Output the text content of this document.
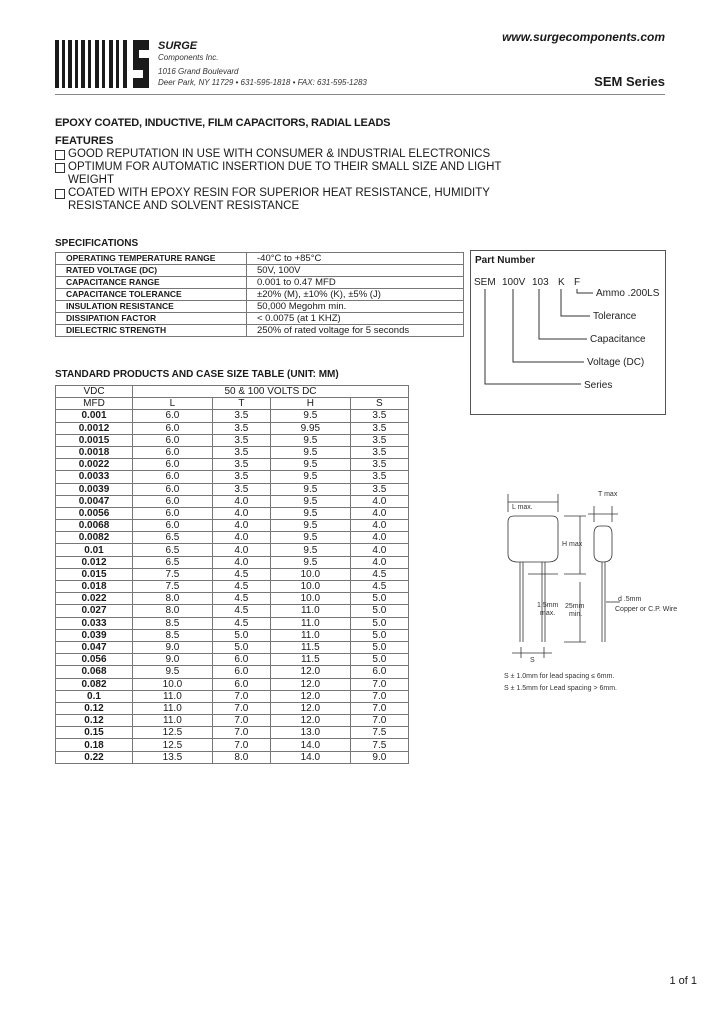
SURGE
Components Inc.
1016 Grand Boulevard
Deer Park, NY 11729 • 631-595-1818 • FAX: 631-595-1283
www.surgecomponents.com
SEM Series
EPOXY COATED, INDUCTIVE, FILM CAPACITORS, RADIAL LEADS
FEATURES
GOOD REPUTATION IN USE WITH CONSUMER & INDUSTRIAL ELECTRONICS
OPTIMUM FOR AUTOMATIC INSERTION DUE TO THEIR SMALL SIZE AND LIGHT WEIGHT
COATED WITH EPOXY RESIN FOR SUPERIOR HEAT RESISTANCE, HUMIDITY
RESISTANCE AND SOLVENT RESISTANCE
SPECIFICATIONS
OPERATING TEMPERATURE RANGE	-40°C to +85°C
RATED VOLTAGE (DC)	50V, 100V
CAPACITANCE RANGE	0.001 to 0.47 MFD
CAPACITANCE TOLERANCE	±20% (M), ±10% (K), ±5% (J)
INSULATION RESISTANCE	50,000 Megohm min.
DISSIPATION FACTOR	< 0.0075 (at 1 KHZ)
DIELECTRIC STRENGTH	250% of rated voltage for 5 seconds
Part Number
SEM 100V 103 K F
Ammo .200LS
Tolerance
Capacitance
Voltage (DC)
Series
STANDARD PRODUCTS AND CASE SIZE TABLE (UNIT: MM)
VDC	50 & 100 VOLTS DC			
MFD	L	T	H	S
0.001	6.0	3.5	9.5	3.5
0.0012	6.0	3.5	9.95	3.5
0.0015	6.0	3.5	9.5	3.5
0.0018	6.0	3.5	9.5	3.5
0.0022	6.0	3.5	9.5	3.5
0.0033	6.0	3.5	9.5	3.5
0.0039	6.0	3.5	9.5	3.5
0.0047	6.0	4.0	9.5	4.0
0.0056	6.0	4.0	9.5	4.0
0.0068	6.0	4.0	9.5	4.0
0.0082	6.5	4.0	9.5	4.0
0.01	6.5	4.0	9.5	4.0
0.012	6.5	4.0	9.5	4.0
0.015	7.5	4.5	10.0	4.5
0.018	7.5	4.5	10.0	4.5
0.022	8.0	4.5	10.0	5.0
0.027	8.0	4.5	11.0	5.0
0.033	8.5	4.5	11.0	5.0
0.039	8.5	5.0	11.0	5.0
0.047	9.0	5.0	11.5	5.0
0.056	9.0	6.0	11.5	5.0
0.068	9.5	6.0	12.0	6.0
0.082	10.0	6.0	12.0	7.0
0.1	11.0	7.0	12.0	7.0
0.12	11.0	7.0	12.0	7.0
0.12	11.0	7.0	12.0	7.0
0.15	12.5	7.0	13.0	7.5
0.18	12.5	7.0	14.0	7.5
0.22	13.5	8.0	14.0	9.0
L max.
T max
H max
1.5mm
max.
25mm
min.
d .5mm
Copper or C.P. Wire
S
S ± 1.0mm for lead spacing ≤ 6mm.
S ± 1.5mm for Lead spacing > 6mm.
1 of 1
